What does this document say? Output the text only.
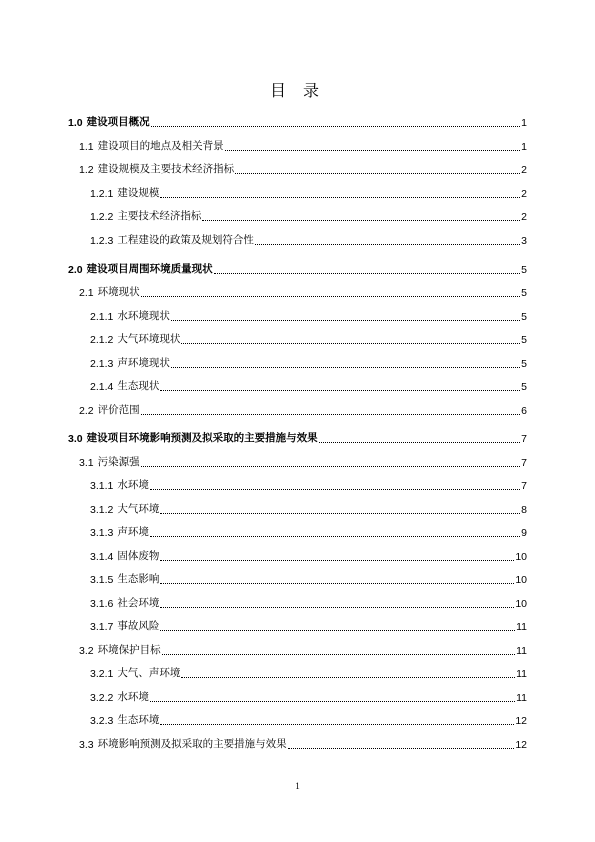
目 录
1.0 建设项目概况	1
1.1 建设项目的地点及相关背景	1
1.2 建设规模及主要技术经济指标	2
1.2.1 建设规模	2
1.2.2 主要技术经济指标	2
1.2.3 工程建设的政策及规划符合性	3
2.0 建设项目周围环境质量现状	5
2.1 环境现状	5
2.1.1 水环境现状	5
2.1.2 大气环境现状	5
2.1.3 声环境现状	5
2.1.4 生态现状	5
2.2 评价范围	6
3.0 建设项目环境影响预测及拟采取的主要措施与效果	7
3.1 污染源强	7
3.1.1 水环境	7
3.1.2 大气环境	8
3.1.3 声环境	9
3.1.4 固体废物	10
3.1.5 生态影响	10
3.1.6 社会环境	10
3.1.7 事故风险	11
3.2 环境保护目标	11
3.2.1 大气、声环境	11
3.2.2 水环境	11
3.2.3 生态环境	12
3.3 环境影响预测及拟采取的主要措施与效果	12
1
